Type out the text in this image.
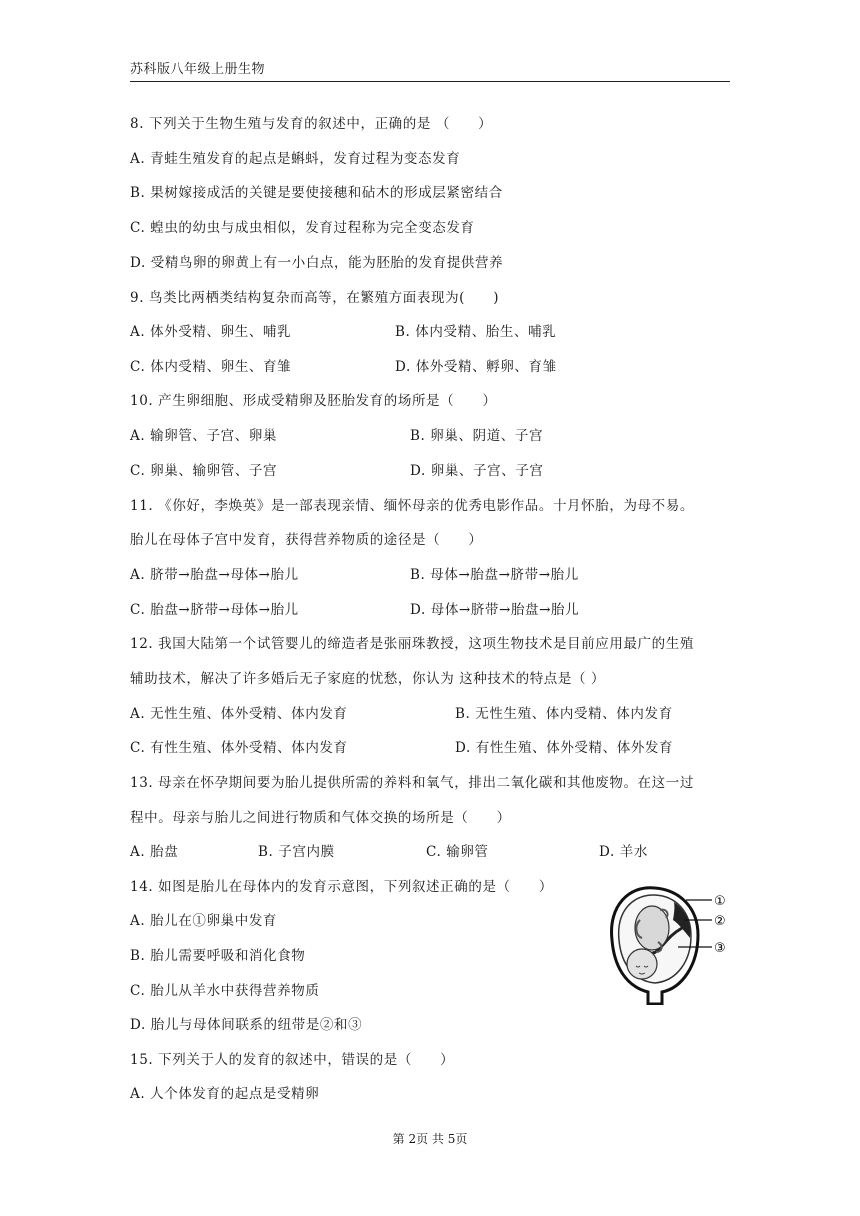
苏科版八年级上册生物
8. 下列关于生物生殖与发育的叙述中，正确的是 （　　）
A. 青蛙生殖发育的起点是蝌蚪，发育过程为变态发育
B. 果树嫁接成活的关键是要使接穗和砧木的形成层紧密结合
C. 蝗虫的幼虫与成虫相似，发育过程称为完全变态发育
D. 受精鸟卵的卵黄上有一小白点，能为胚胎的发育提供营养
9. 鸟类比两栖类结构复杂而高等，在繁殖方面表现为(　　)
A. 体外受精、卵生、哺乳	B. 体内受精、胎生、哺乳
C. 体内受精、卵生、育雏	D. 体外受精、孵卵、育雏
10. 产生卵细胞、形成受精卵及胚胎发育的场所是（　　）
A. 输卵管、子宫、卵巢	B. 卵巢、阴道、子宫
C. 卵巢、输卵管、子宫	D. 卵巢、子宫、子宫
11. 《你好，李焕英》是一部表现亲情、缅怀母亲的优秀电影作品。十月怀胎，为母不易。
胎儿在母体子宫中发育，获得营养物质的途径是（　　）
A. 脐带→胎盘→母体→胎儿	B. 母体→胎盘→脐带→胎儿
C. 胎盘→脐带→母体→胎儿	D. 母体→脐带→胎盘→胎儿
12. 我国大陆第一个试管婴儿的缔造者是张丽珠教授，这项生物技术是目前应用最广的生殖
辅助技术，解决了许多婚后无子家庭的忧愁，你认为 这种技术的特点是（ ）
A. 无性生殖、体外受精、体内发育	B. 无性生殖、体内受精、体内发育
C. 有性生殖、体外受精、体内发育	D. 有性生殖、体外受精、体外发育
13. 母亲在怀孕期间要为胎儿提供所需的养料和氧气，排出二氧化碳和其他废物。在这一过
程中。母亲与胎儿之间进行物质和气体交换的场所是（　　）
A. 胎盘	B. 子宫内膜	C. 输卵管	D. 羊水
14. 如图是胎儿在母体内的发育示意图，下列叙述正确的是（　　）
A. 胎儿在①卵巢中发育
B. 胎儿需要呼吸和消化食物
C. 胎儿从羊水中获得营养物质
D. 胎儿与母体间联系的纽带是②和③
①
②
③
15. 下列关于人的发育的叙述中，错误的是（　　）
A. 人个体发育的起点是受精卵
第 2页 共 5页
